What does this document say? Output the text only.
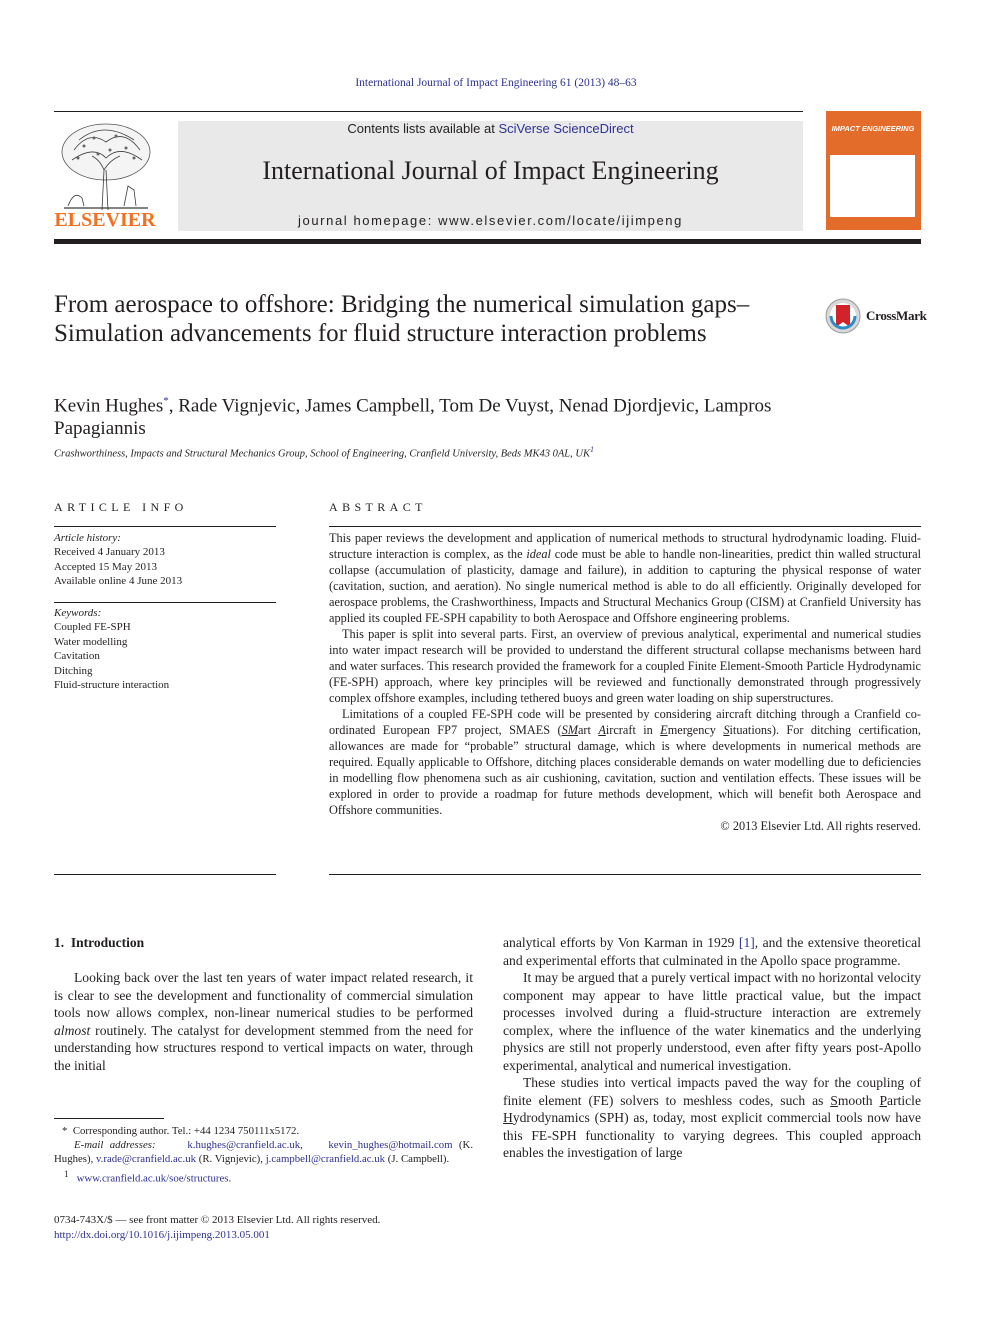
International Journal of Impact Engineering 61 (2013) 48–63
ELSEVIER
Contents lists available at SciVerse ScienceDirect
International Journal of Impact Engineering
journal homepage: www.elsevier.com/locate/ijimpeng
IMPACT ENGINEERING
From aerospace to offshore: Bridging the numerical simulation gaps–Simulation advancements for fluid structure interaction problems
CrossMark
Kevin Hughes*, Rade Vignjevic, James Campbell, Tom De Vuyst, Nenad Djordjevic, Lampros Papagiannis
Crashworthiness, Impacts and Structural Mechanics Group, School of Engineering, Cranfield University, Beds MK43 0AL, $UK^1$
ARTICLE INFO
Article history:
Received 4 January 2013
Accepted 15 May 2013
Available online 4 June 2013
Keywords:
Coupled FE-SPH
Water modelling
Cavitation
Ditching
Fluid-structure interaction
ABSTRACT

This paper reviews the development and application of numerical methods to structural hydrodynamic loading. Fluid-structure interaction is complex, as the ideal code must be able to handle non-linearities, predict thin walled structural collapse (accumulation of plasticity, damage and failure), in addition to capturing the physical response of water (cavitation, suction, and aeration). No single numerical method is able to do all efficiently. Originally developed for aerospace problems, the Crashworthiness, Impacts and Structural Mechanics Group (CISM) at Cranfield University has applied its coupled FE-SPH capability to both Aerospace and Offshore engineering problems.

This paper is split into several parts. First, an overview of previous analytical, experimental and numerical studies into water impact research will be provided to understand the different structural collapse mechanisms between hard and water surfaces. This research provided the framework for a coupled Finite Element-Smooth Particle Hydrodynamic (FE-SPH) approach, where key principles will be reviewed and functionally demonstrated through progressively complex offshore examples, including tethered buoys and green water loading on ship superstructures.

Limitations of a coupled FE-SPH code will be presented by considering aircraft ditching through a Cranfield co-ordinated European FP7 project, SMAES (SMart Aircraft in Emergency Situations). For ditching certification, allowances are made for “probable” structural damage, which is where developments in numerical methods are required. Equally applicable to Offshore, ditching places considerable demands on water modelling due to deficiencies in modelling flow phenomena such as air cushioning, cavitation, suction and ventilation effects. These issues will be explored in order to provide a roadmap for future methods development, which will benefit both Aerospace and Offshore communities.

© 2013 Elsevier Ltd. All rights reserved.
1. Introduction

Looking back over the last ten years of water impact related research, it is clear to see the development and functionality of commercial simulation tools now allows complex, non-linear numerical studies to be performed almost routinely. The catalyst for development stemmed from the need for understanding how structures respond to vertical impacts on water, through the initial

analytical efforts by Von Karman in 1929 [1], and the extensive theoretical and experimental efforts that culminated in the Apollo space programme.

It may be argued that a purely vertical impact with no horizontal velocity component may appear to have little practical value, but the impact processes involved during a fluid-structure interaction are extremely complex, where the influence of the water kinematics and the underlying physics are still not properly understood, even after fifty years post-Apollo experimental, analytical and numerical investigation.

These studies into vertical impacts paved the way for the coupling of finite element (FE) solvers to meshless codes, such as Smooth Particle Hydrodynamics (SPH) as, today, most explicit commercial tools now have this FE-SPH functionality to varying degrees. This coupled approach enables the investigation of large

* Corresponding author. Tel.: +44 1234 750111x5172.

E-mail addresses:	k.hughes@cranfield.ac.uk,    kevin_hughes@hotmail.com (K. Hughes), v.rade@cranfield.ac.uk (R. Vignjevic), j.campbell@cranfield.ac.uk (J. Campbell).

$^1$ www.cranfield.ac.uk/soe/structures.

0734-743X/$ — see front matter © 2013 Elsevier Ltd. All rights reserved.
http://dx.doi.org/10.1016/j.ijimpeng.2013.05.001
